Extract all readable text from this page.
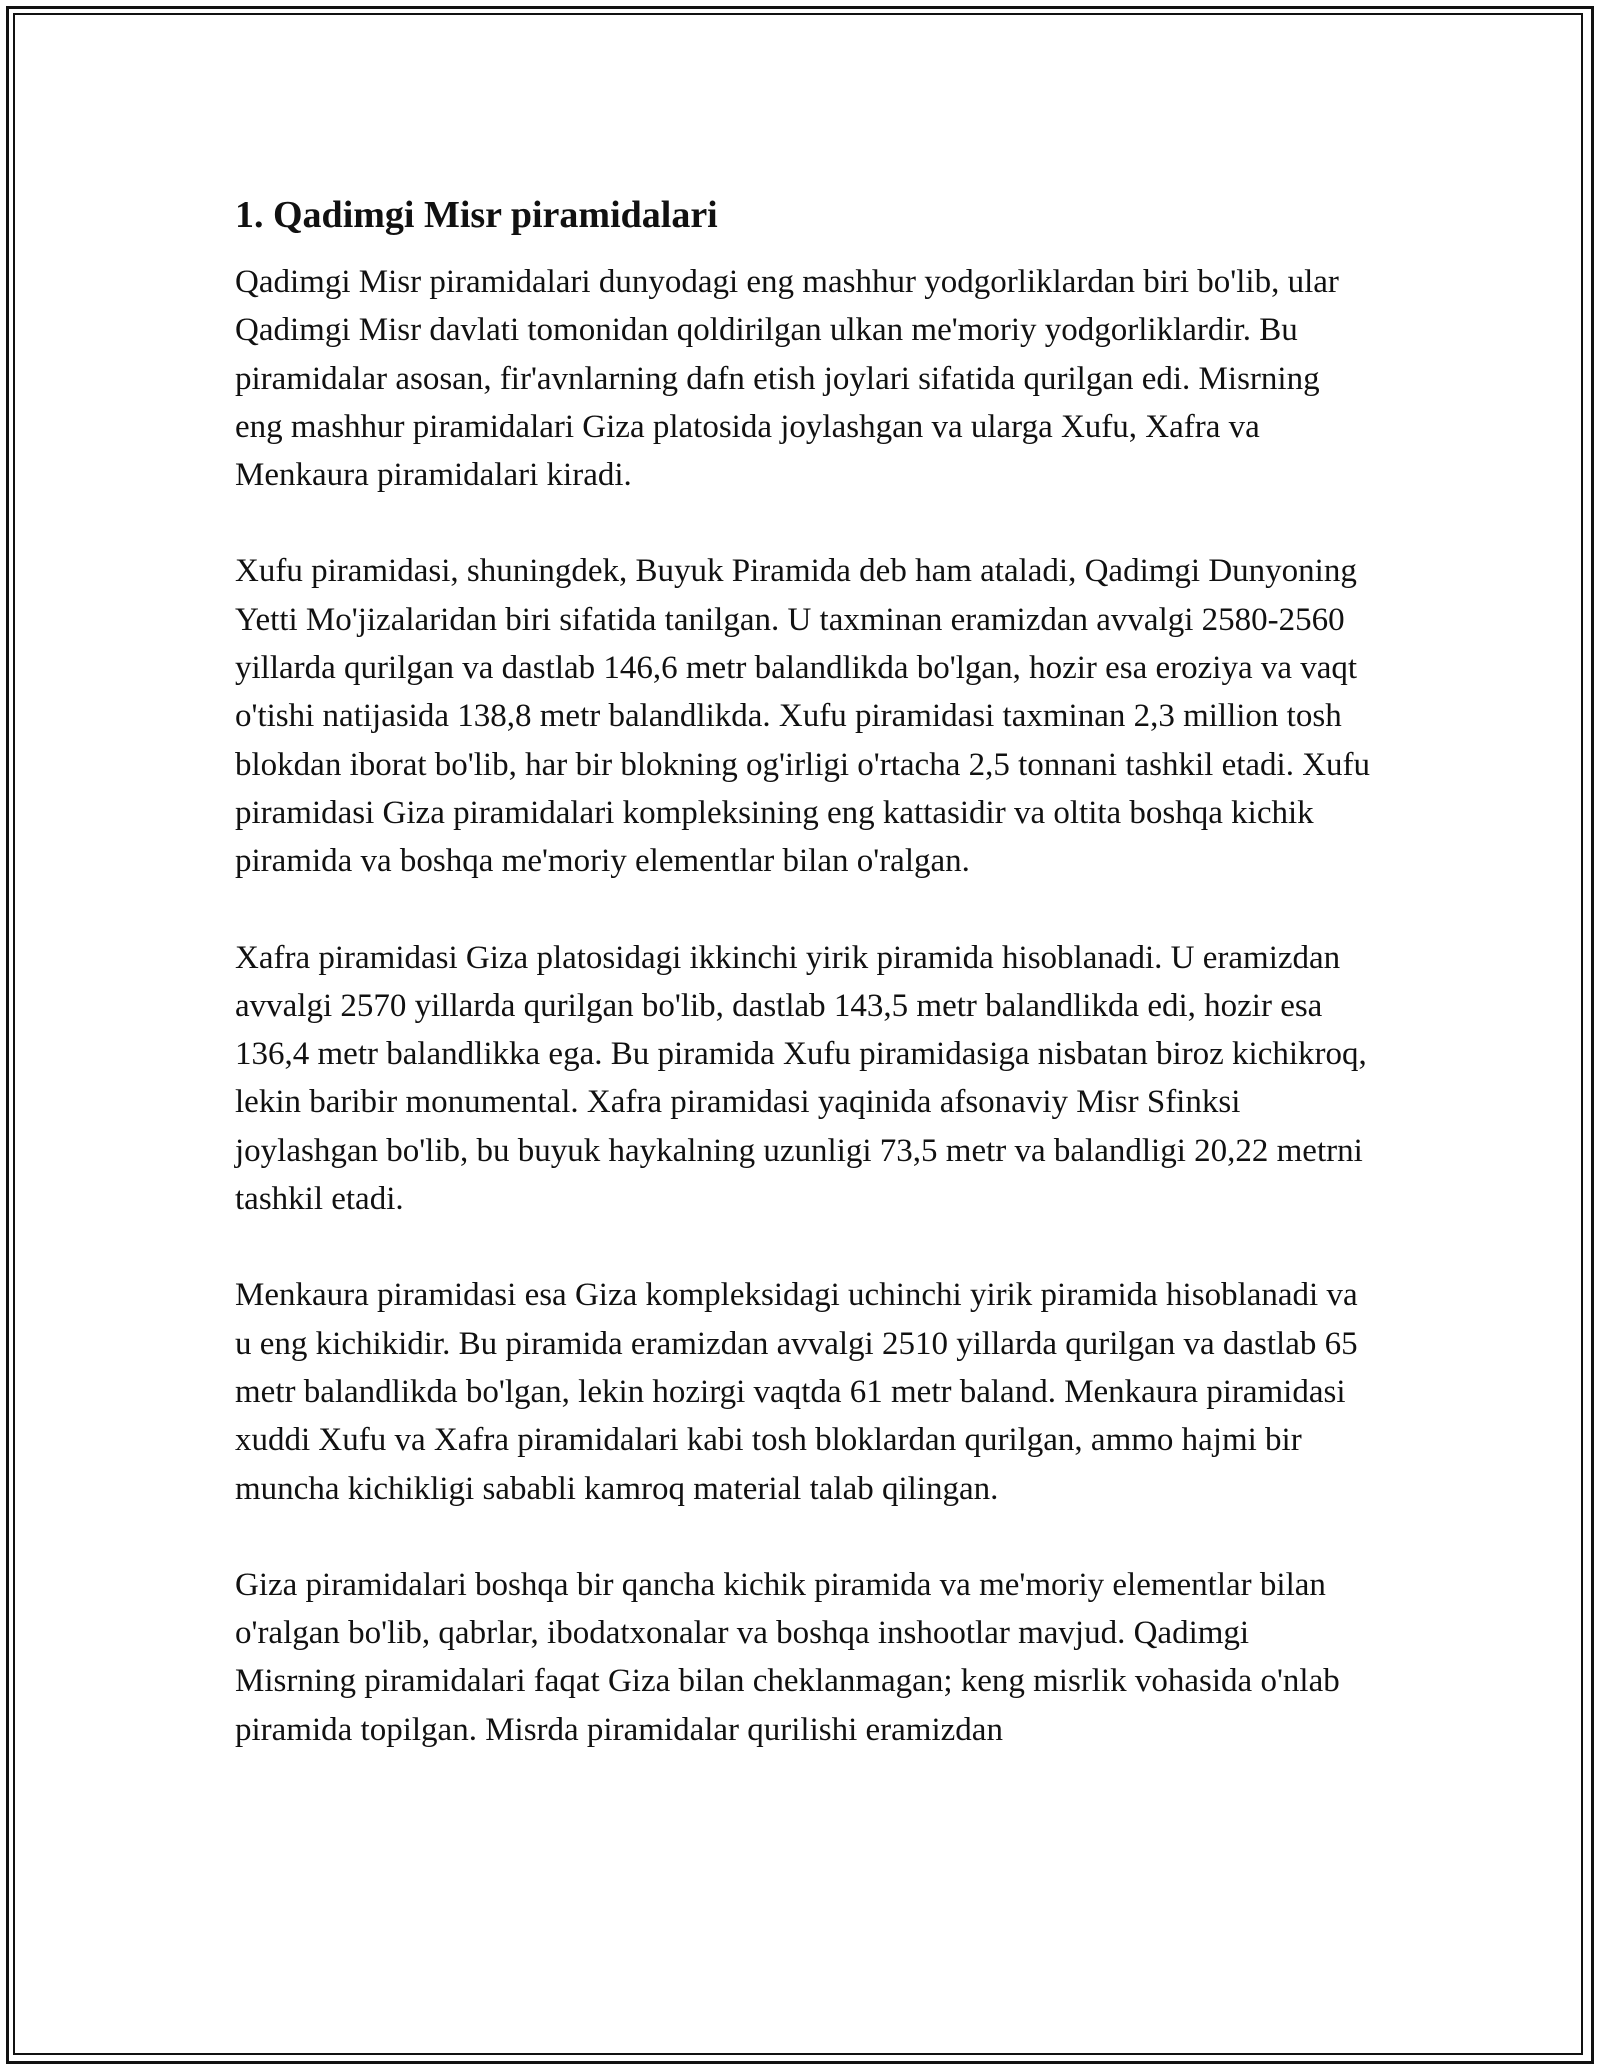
1. Qadimgi Misr piramidalari

Qadimgi Misr piramidalari dunyodagi eng mashhur yodgorliklardan biri bo'lib, ular Qadimgi Misr davlati tomonidan qoldirilgan ulkan me'moriy yodgorliklardir. Bu piramidalar asosan, fir'avnlarning dafn etish joylari sifatida qurilgan edi. Misrning eng mashhur piramidalari Giza platosida joylashgan va ularga Xufu, Xafra va Menkaura piramidalari kiradi.

Xufu piramidasi, shuningdek, Buyuk Piramida deb ham ataladi, Qadimgi Dunyoning Yetti Mo'jizalaridan biri sifatida tanilgan. U taxminan eramizdan avvalgi 2580-2560 yillarda qurilgan va dastlab 146,6 metr balandlikda bo'lgan, hozir esa eroziya va vaqt o'tishi natijasida 138,8 metr balandlikda. Xufu piramidasi taxminan 2,3 million tosh blokdan iborat bo'lib, har bir blokning og'irligi o'rtacha 2,5 tonnani tashkil etadi. Xufu piramidasi Giza piramidalari kompleksining eng kattasidir va oltita boshqa kichik piramida va boshqa me'moriy elementlar bilan o'ralgan.

Xafra piramidasi Giza platosidagi ikkinchi yirik piramida hisoblanadi. U eramizdan avvalgi 2570 yillarda qurilgan bo'lib, dastlab 143,5 metr balandlikda edi, hozir esa 136,4 metr balandlikka ega. Bu piramida Xufu piramidasiga nisbatan biroz kichikroq, lekin baribir monumental. Xafra piramidasi yaqinida afsonaviy Misr Sfinksi joylashgan bo'lib, bu buyuk haykalning uzunligi 73,5 metr va balandligi 20,22 metrni tashkil etadi.

Menkaura piramidasi esa Giza kompleksidagi uchinchi yirik piramida hisoblanadi va u eng kichikidir. Bu piramida eramizdan avvalgi 2510 yillarda qurilgan va dastlab 65 metr balandlikda bo'lgan, lekin hozirgi vaqtda 61 metr baland. Menkaura piramidasi xuddi Xufu va Xafra piramidalari kabi tosh bloklardan qurilgan, ammo hajmi bir muncha kichikligi sababli kamroq material talab qilingan.

Giza piramidalari boshqa bir qancha kichik piramida va me'moriy elementlar bilan o'ralgan bo'lib, qabrlar, ibodatxonalar va boshqa inshootlar mavjud. Qadimgi Misrning piramidalari faqat Giza bilan cheklanmagan; keng misrlik vohasida o'nlab piramida topilgan. Misrda piramidalar qurilishi eramizdan
